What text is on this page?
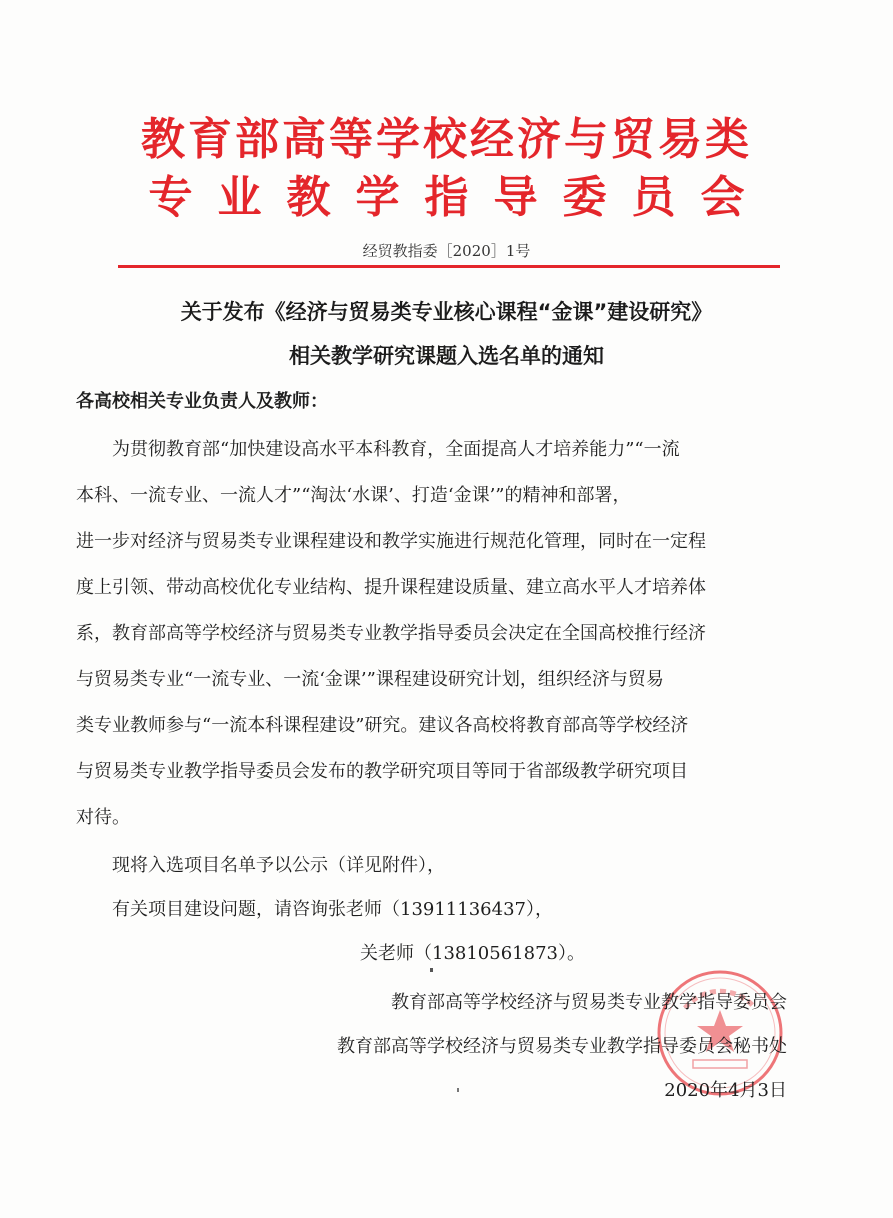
教育部高等学校经济与贸易类
专业教学指导委员会
经贸教指委［2020］1号
关于发布《经济与贸易类专业核心课程“金课”建设研究》
相关教学研究课题入选名单的通知
各高校相关专业负责人及教师：
为贯彻教育部“加快建设高水平本科教育，全面提高人才培养能力”“一流
本科、一流专业、一流人才”“淘汰‘水课’、打造‘金课’”的精神和部署，
进一步对经济与贸易类专业课程建设和教学实施进行规范化管理，同时在一定程
度上引领、带动高校优化专业结构、提升课程建设质量、建立高水平人才培养体
系，教育部高等学校经济与贸易类专业教学指导委员会决定在全国高校推行经济
与贸易类专业“一流专业、一流‘金课’”课程建设研究计划，组织经济与贸易
类专业教师参与“一流本科课程建设”研究。建议各高校将教育部高等学校经济
与贸易类专业教学指导委员会发布的教学研究项目等同于省部级教学研究项目
对待。
现将入选项目名单予以公示（详见附件），
有关项目建设问题，请咨询张老师（13911136437），
关老师（13810561873）。
教育部高等学校经济与贸易类专业教学指导委员会
教育部高等学校经济与贸易类专业教学指导委员会秘书处
2020年4月3日
